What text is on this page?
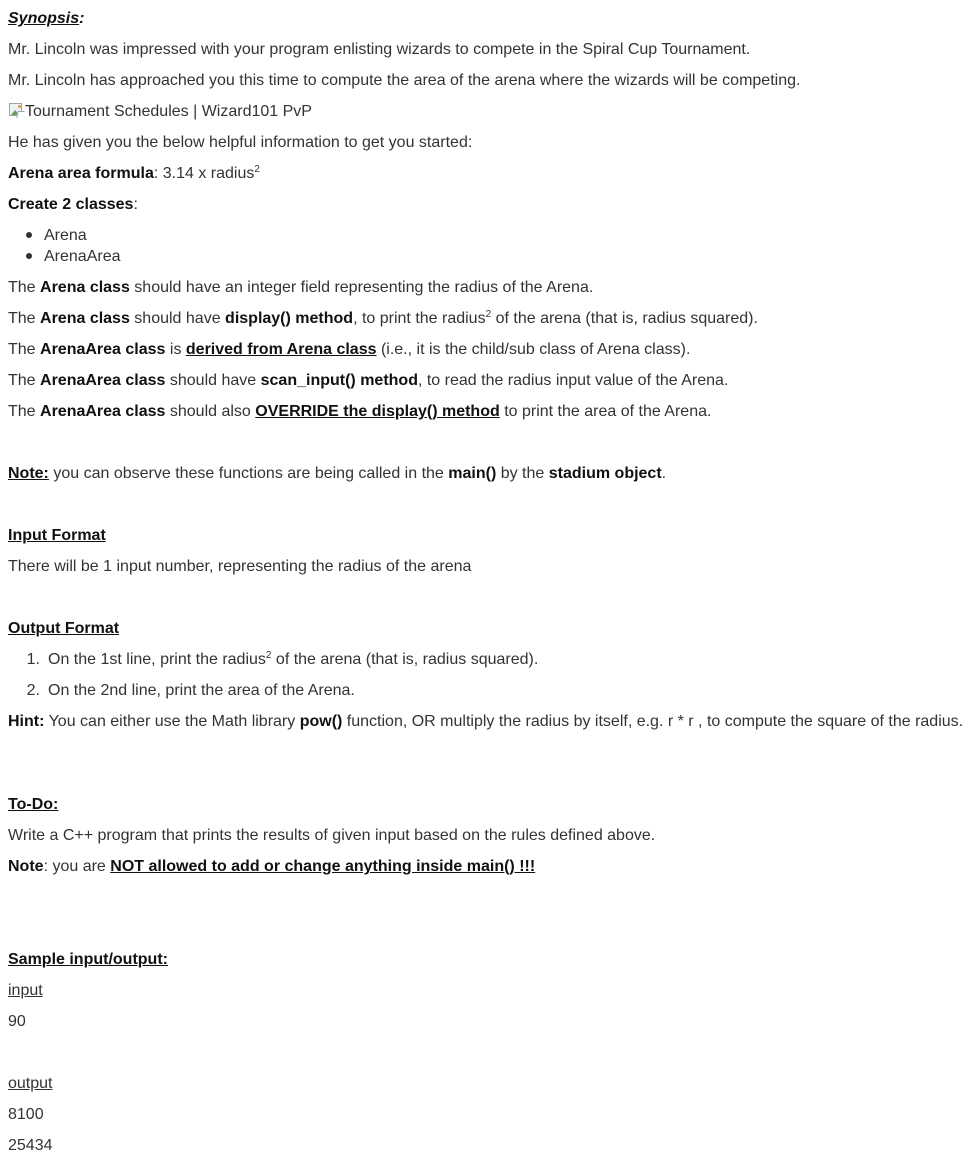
Synopsis:
Mr. Lincoln was impressed with your program enlisting wizards to compete in the Spiral Cup Tournament.
Mr. Lincoln has approached you this time to compute the area of the arena where the wizards will be competing.
Tournament Schedules | Wizard101 PvP
He has given you the below helpful information to get you started:
Arena area formula: 3.14 x radius$^2$
Create 2 classes:
Arena
ArenaArea
The Arena class should have an integer field representing the radius of the Arena.
The Arena class should have display() method, to print the radius$^2$ of the arena (that is, radius squared).
The ArenaArea class is derived from Arena class (i.e., it is the child/sub class of Arena class).
The ArenaArea class should have scan_input() method, to read the radius input value of the Arena.
The ArenaArea class should also OVERRIDE the display() method to print the area of the Arena.
Note: you can observe these functions are being called in the main() by the stadium object.
Input Format
There will be 1 input number, representing the radius of the arena
Output Format
1. On the 1st line, print the radius$^2$ of the arena (that is, radius squared).
2. On the 2nd line, print the area of the Arena.
Hint: You can either use the Math library pow() function, OR multiply the radius by itself, e.g. r * r , to compute the square of the radius.
To-Do:
Write a C++ program that prints the results of given input based on the rules defined above.
Note: you are NOT allowed to add or change anything inside main() !!!
Sample input/output:
input
90
output
8100
25434
